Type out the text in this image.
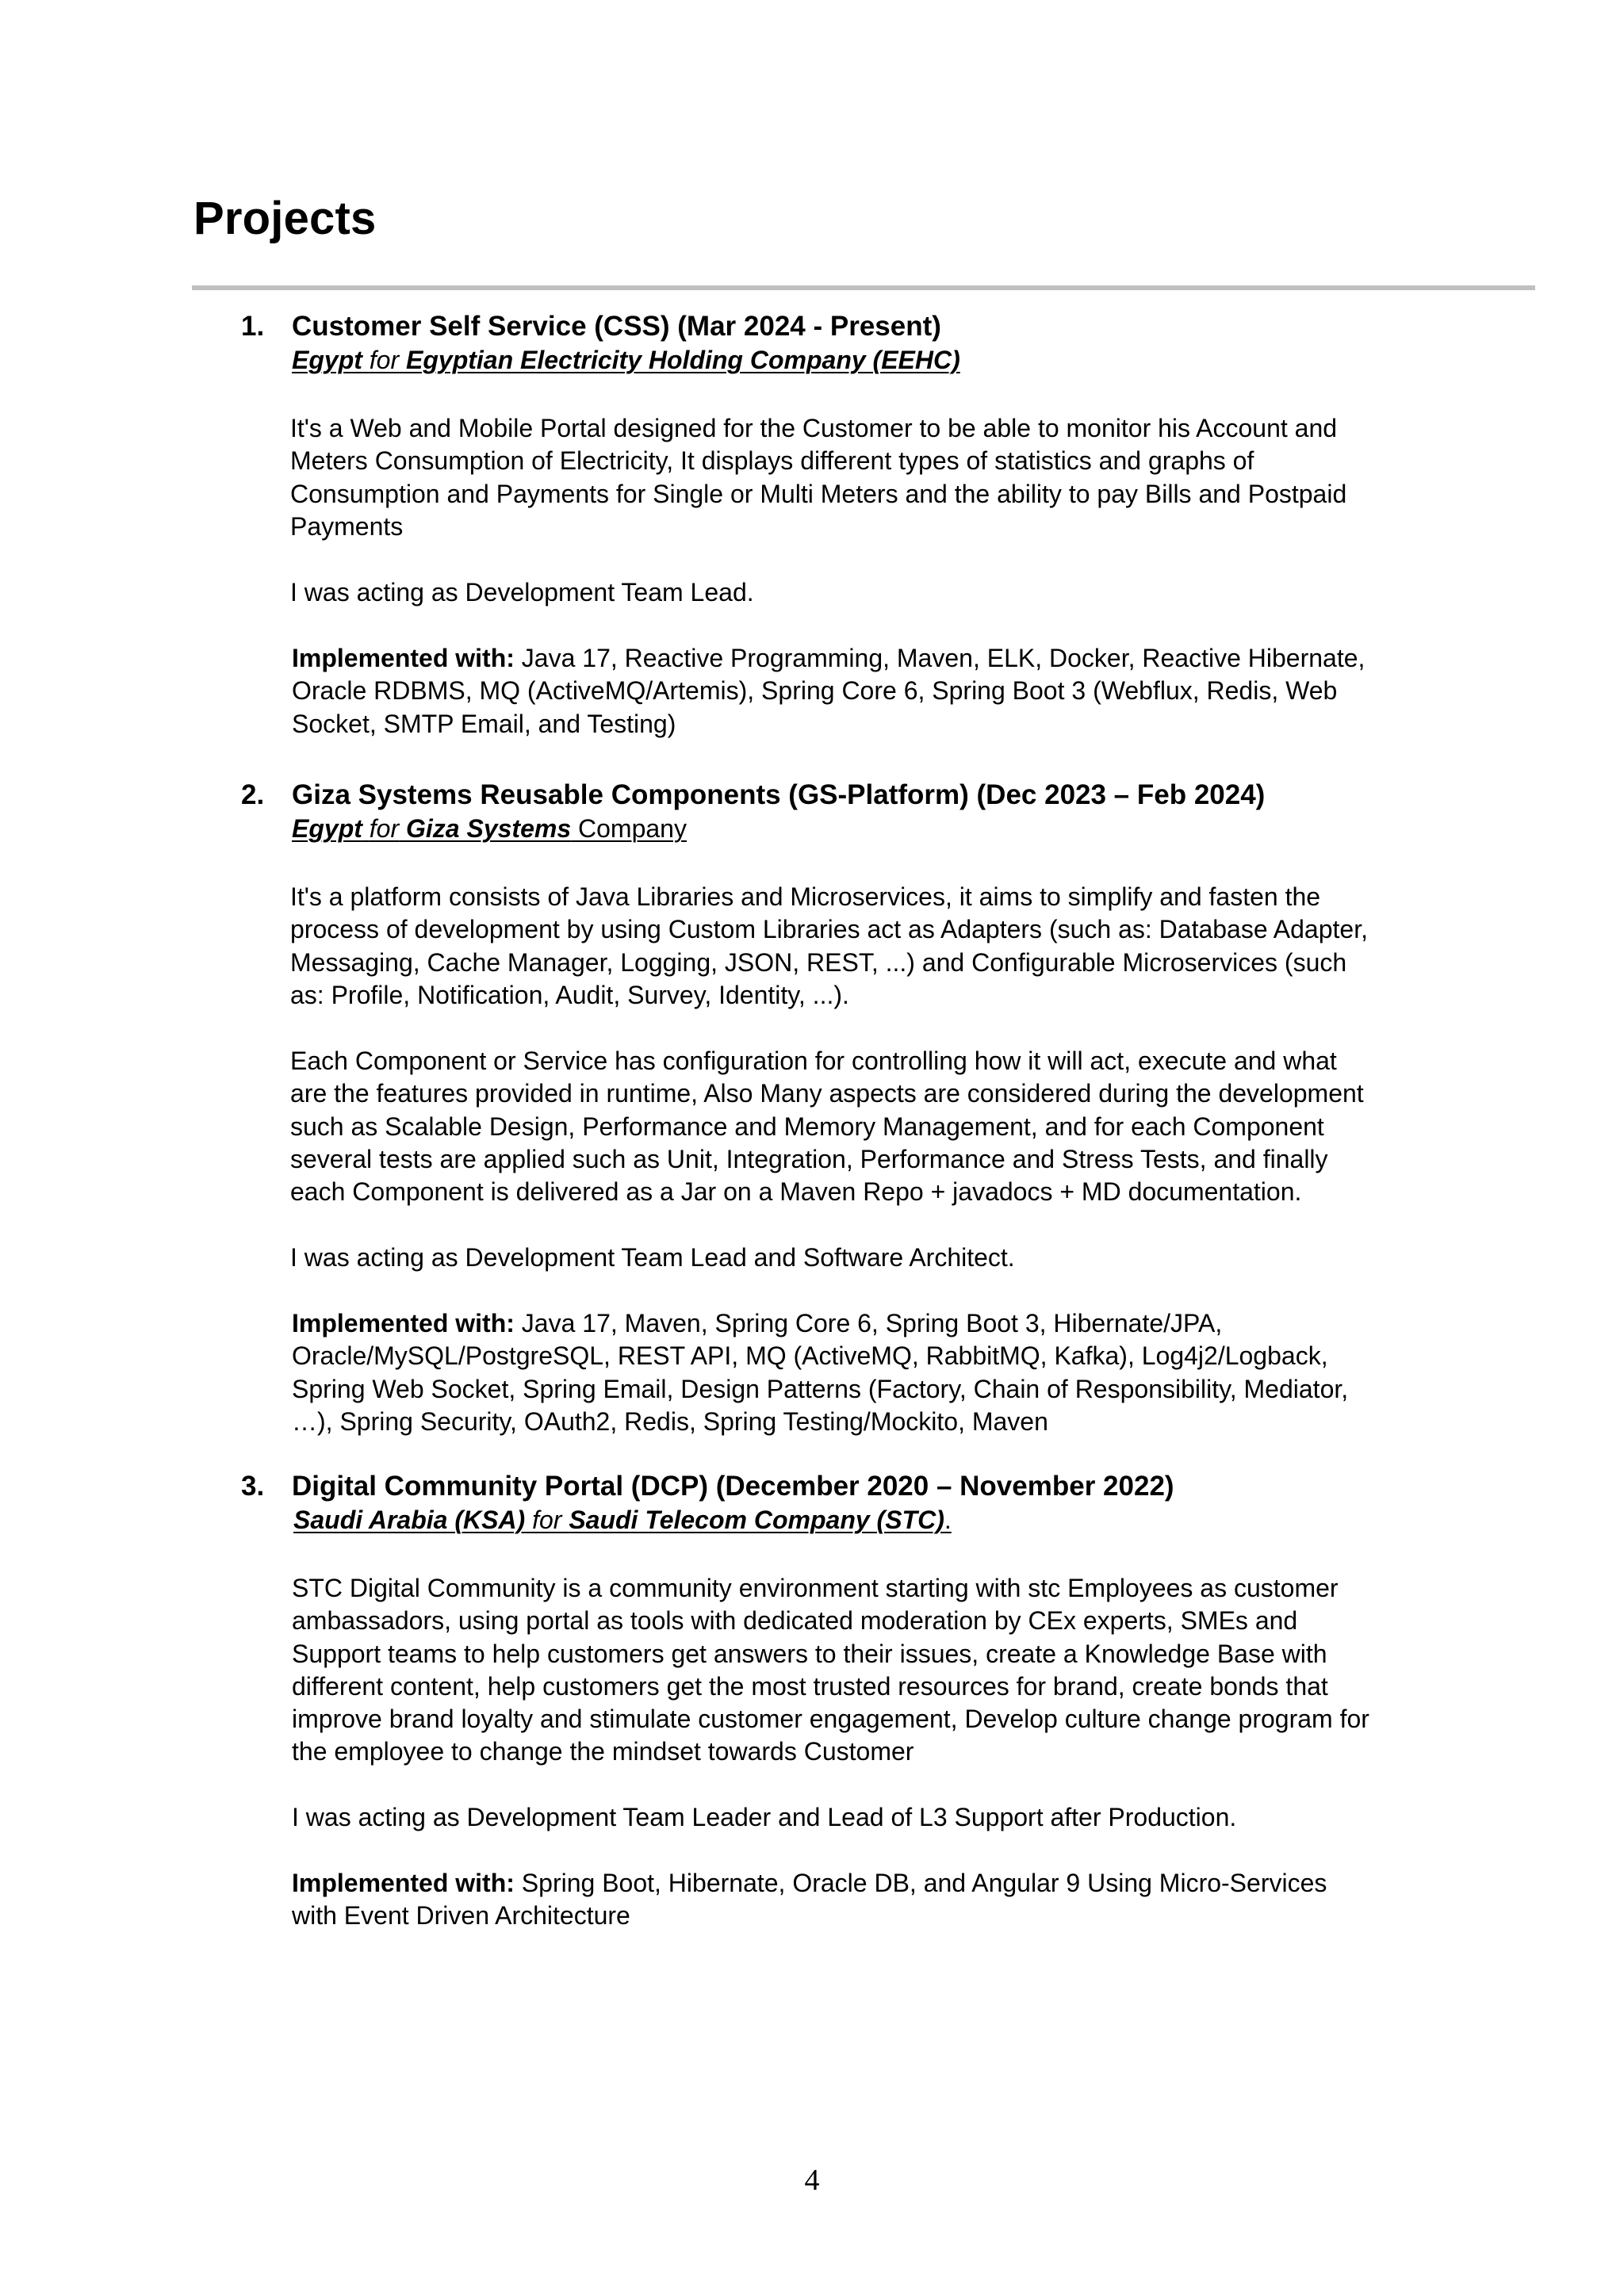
Projects
1. Customer Self Service (CSS) (Mar 2024 - Present)
Egypt for Egyptian Electricity Holding Company (EEHC)
It's a Web and Mobile Portal designed for the Customer to be able to monitor his Account and
Meters Consumption of Electricity, It displays different types of statistics and graphs of
Consumption and Payments for Single or Multi Meters and the ability to pay Bills and Postpaid
Payments
I was acting as Development Team Lead.
Implemented with: Java 17, Reactive Programming, Maven, ELK, Docker, Reactive Hibernate,
Oracle RDBMS, MQ (ActiveMQ/Artemis), Spring Core 6, Spring Boot 3 (Webflux, Redis, Web
Socket, SMTP Email, and Testing)
2. Giza Systems Reusable Components (GS-Platform) (Dec 2023 – Feb 2024)
Egypt for Giza Systems Company
It's a platform consists of Java Libraries and Microservices, it aims to simplify and fasten the
process of development by using Custom Libraries act as Adapters (such as: Database Adapter,
Messaging, Cache Manager, Logging, JSON, REST, ...) and Configurable Microservices (such
as: Profile, Notification, Audit, Survey, Identity, ...).
Each Component or Service has configuration for controlling how it will act, execute and what
are the features provided in runtime, Also Many aspects are considered during the development
such as Scalable Design, Performance and Memory Management, and for each Component
several tests are applied such as Unit, Integration, Performance and Stress Tests, and finally
each Component is delivered as a Jar on a Maven Repo + javadocs + MD documentation.
I was acting as Development Team Lead and Software Architect.
Implemented with: Java 17, Maven, Spring Core 6, Spring Boot 3, Hibernate/JPA,
Oracle/MySQL/PostgreSQL, REST API, MQ (ActiveMQ, RabbitMQ, Kafka), Log4j2/Logback,
Spring Web Socket, Spring Email, Design Patterns (Factory, Chain of Responsibility, Mediator,
…), Spring Security, OAuth2, Redis, Spring Testing/Mockito, Maven
3. Digital Community Portal (DCP) (December 2020 – November 2022)
Saudi Arabia (KSA) for Saudi Telecom Company (STC).
STC Digital Community is a community environment starting with stc Employees as customer
ambassadors, using portal as tools with dedicated moderation by CEx experts, SMEs and
Support teams to help customers get answers to their issues, create a Knowledge Base with
different content, help customers get the most trusted resources for brand, create bonds that
improve brand loyalty and stimulate customer engagement, Develop culture change program for
the employee to change the mindset towards Customer
I was acting as Development Team Leader and Lead of L3 Support after Production.
Implemented with: Spring Boot, Hibernate, Oracle DB, and Angular 9 Using Micro-Services
with Event Driven Architecture
4
